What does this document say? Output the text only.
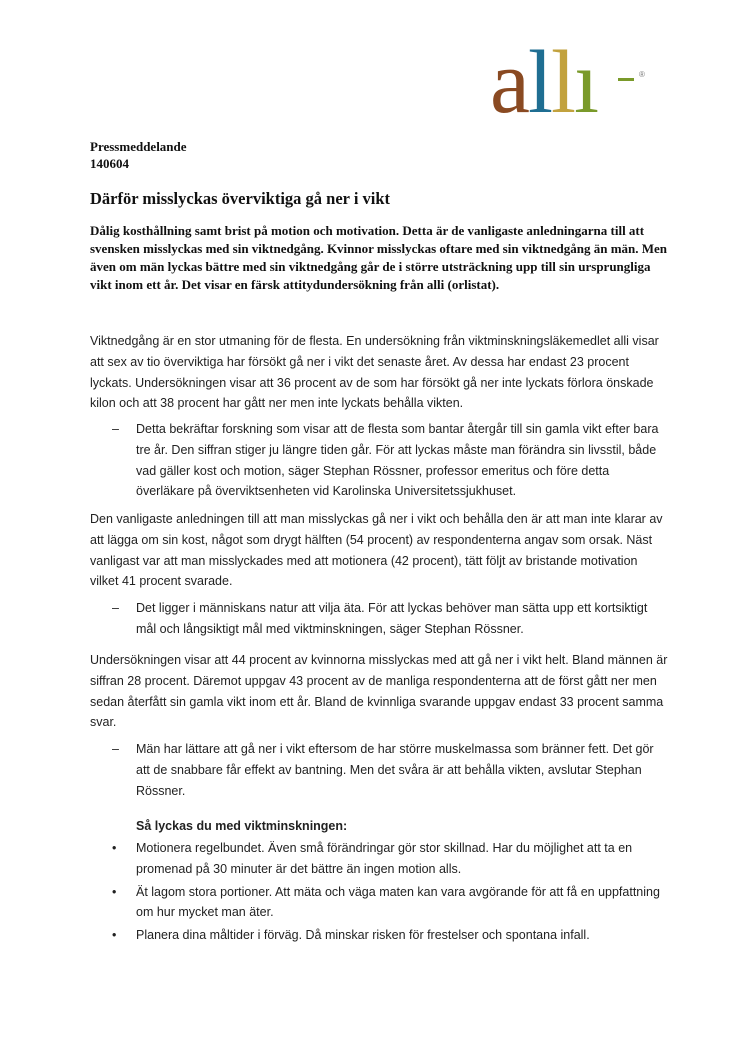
allı	®
Pressmeddelande
140604
Därför misslyckas överviktiga gå ner i vikt

Dålig kosthållning samt brist på motion och motivation. Detta är de vanligaste anledningarna till att svensken misslyckas med sin viktnedgång. Kvinnor misslyckas oftare med sin viktnedgång än män. Men även om män lyckas bättre med sin viktnedgång går de i större utsträckning upp till sin ursprungliga vikt inom ett år. Det visar en färsk attitydundersökning från alli (orlistat).

Viktnedgång är en stor utmaning för de flesta. En undersökning från viktminskningsläkemedlet alli visar att sex av tio överviktiga har försökt gå ner i vikt det senaste året. Av dessa har endast 23 procent lyckats. Undersökningen visar att 36 procent av de som har försökt gå ner inte lyckats förlora önskade kilon och att 38 procent har gått ner men inte lyckats behålla vikten.

– Detta bekräftar forskning som visar att de flesta som bantar återgår till sin gamla vikt efter bara tre år. Den siffran stiger ju längre tiden går. För att lyckas måste man förändra sin livsstil, både vad gäller kost och motion, säger Stephan Rössner, professor emeritus och före detta överläkare på överviktsenheten vid Karolinska Universitetssjukhuset.

Den vanligaste anledningen till att man misslyckas gå ner i vikt och behålla den är att man inte klarar av att lägga om sin kost, något som drygt hälften (54 procent) av respondenterna angav som orsak. Näst vanligast var att man misslyckades med att motionera (42 procent), tätt följt av bristande motivation vilket 41 procent svarade.

– Det ligger i människans natur att vilja äta. För att lyckas behöver man sätta upp ett kortsiktigt mål och långsiktigt mål med viktminskningen, säger Stephan Rössner.

Undersökningen visar att 44 procent av kvinnorna misslyckas med att gå ner i vikt helt. Bland männen är siffran 28 procent. Däremot uppgav 43 procent av de manliga respondenterna att de först gått ner men sedan återfått sin gamla vikt inom ett år. Bland de kvinnliga svarande uppgav endast 33 procent samma svar.

– Män har lättare att gå ner i vikt eftersom de har större muskelmassa som bränner fett. Det gör att de snabbare får effekt av bantning. Men det svåra är att behålla vikten, avslutar Stephan Rössner.

Så lyckas du med viktminskningen:

• Motionera regelbundet. Även små förändringar gör stor skillnad. Har du möjlighet att ta en promenad på 30 minuter är det bättre än ingen motion alls.
• Ät lagom stora portioner. Att mäta och väga maten kan vara avgörande för att få en uppfattning om hur mycket man äter.
• Planera dina måltider i förväg. Då minskar risken för frestelser och spontana infall.
